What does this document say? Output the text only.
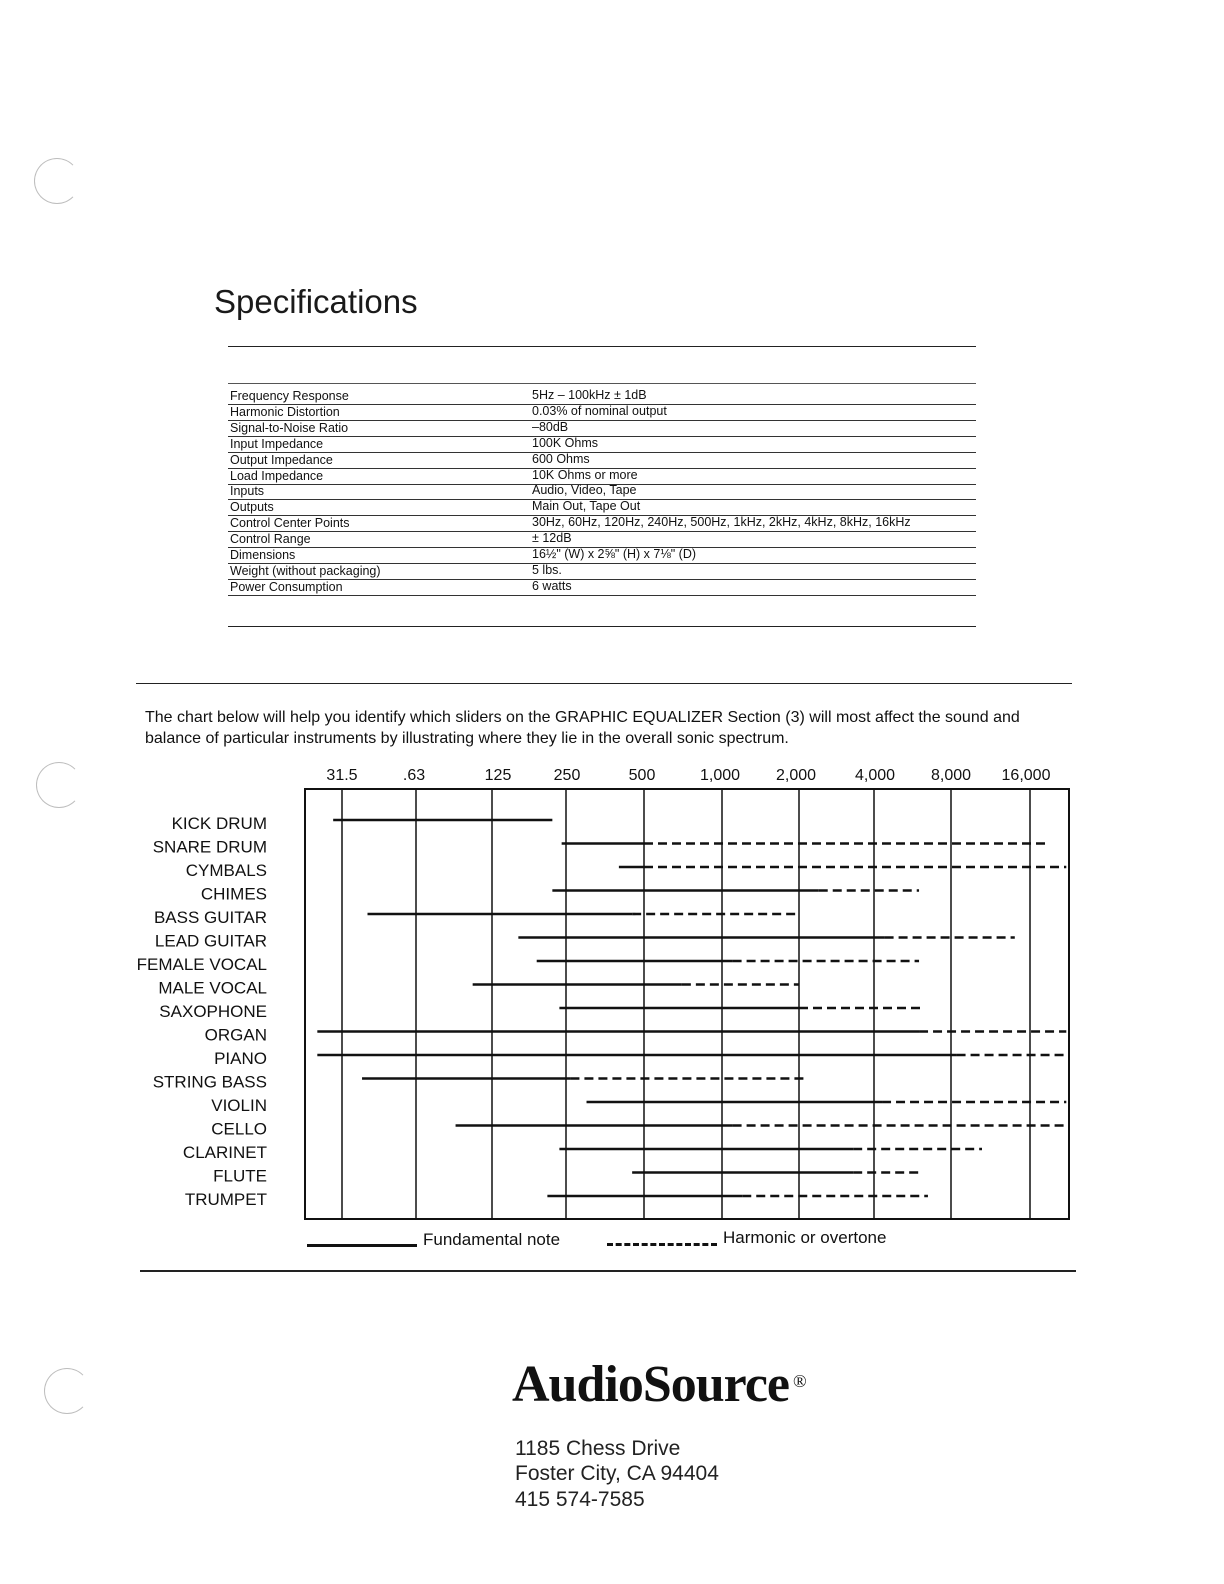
Specifications
Frequency Response	5Hz – 100kHz ± 1dB
Harmonic Distortion	0.03% of nominal output
Signal-to-Noise Ratio	–80dB
Input Impedance	100K Ohms
Output Impedance	600 Ohms
Load Impedance	10K Ohms or more
Inputs	Audio, Video, Tape
Outputs	Main Out, Tape Out
Control Center Points	30Hz, 60Hz, 120Hz, 240Hz, 500Hz, 1kHz, 2kHz, 4kHz, 8kHz, 16kHz
Control Range	± 12dB
Dimensions	16½" (W) x 2⅝" (H) x 7⅛" (D)
Weight (without packaging)	5 lbs.
Power Consumption	6 watts

The chart below will help you identify which sliders on the GRAPHIC EQUALIZER Section (3) will most affect the sound and balance of particular instruments by illustrating where they lie in the overall sonic spectrum.

31.5	.63	125	250	500	1,000 2,000 4,000 8,000 16,000
KICK DRUM
SNARE DRUM
CYMBALS
CHIMES
BASS GUITAR
LEAD GUITAR
FEMALE VOCAL
MALE VOCAL
SAXOPHONE
ORGAN
PIANO
STRING BASS
VIOLIN
CELLO
CLARINET
FLUTE
TRUMPET
Fundamental note	Harmonic or overtone
AudioSource ®
1185 Chess Drive
Foster City, CA 94404
415 574-7585
